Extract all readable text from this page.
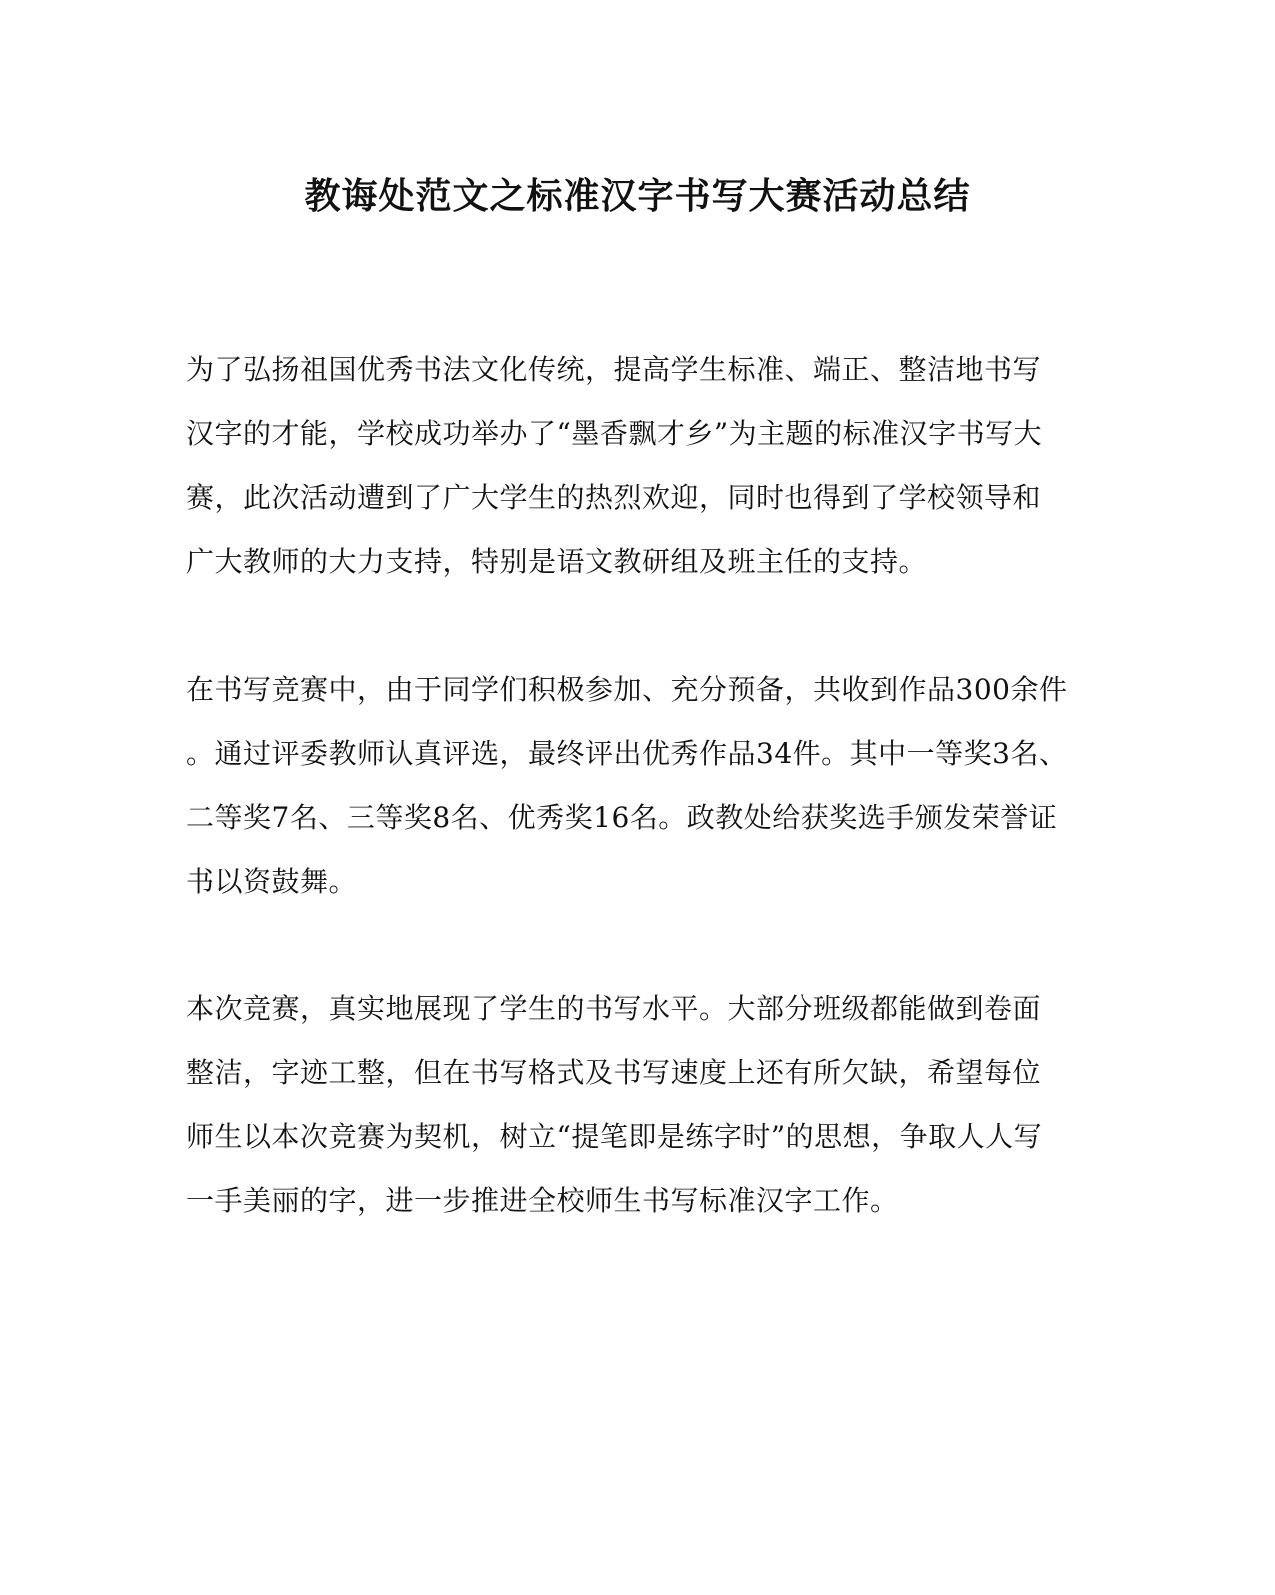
教诲处范文之标准汉字书写大赛活动总结
为了弘扬祖国优秀书法文化传统，提高学生标准、端正、整洁地书写
汉字的才能，学校成功举办了“墨香飘才乡”为主题的标准汉字书写大
赛，此次活动遭到了广大学生的热烈欢迎，同时也得到了学校领导和
广大教师的大力支持，特别是语文教研组及班主任的支持。
在书写竞赛中，由于同学们积极参加、充分预备，共收到作品300余件
。通过评委教师认真评选，最终评出优秀作品34件。其中一等奖3名、
二等奖7名、三等奖8名、优秀奖16名。政教处给获奖选手颁发荣誉证
书以资鼓舞。
本次竞赛，真实地展现了学生的书写水平。大部分班级都能做到卷面
整洁，字迹工整，但在书写格式及书写速度上还有所欠缺，希望每位
师生以本次竞赛为契机，树立“提笔即是练字时”的思想，争取人人写
一手美丽的字，进一步推进全校师生书写标准汉字工作。
